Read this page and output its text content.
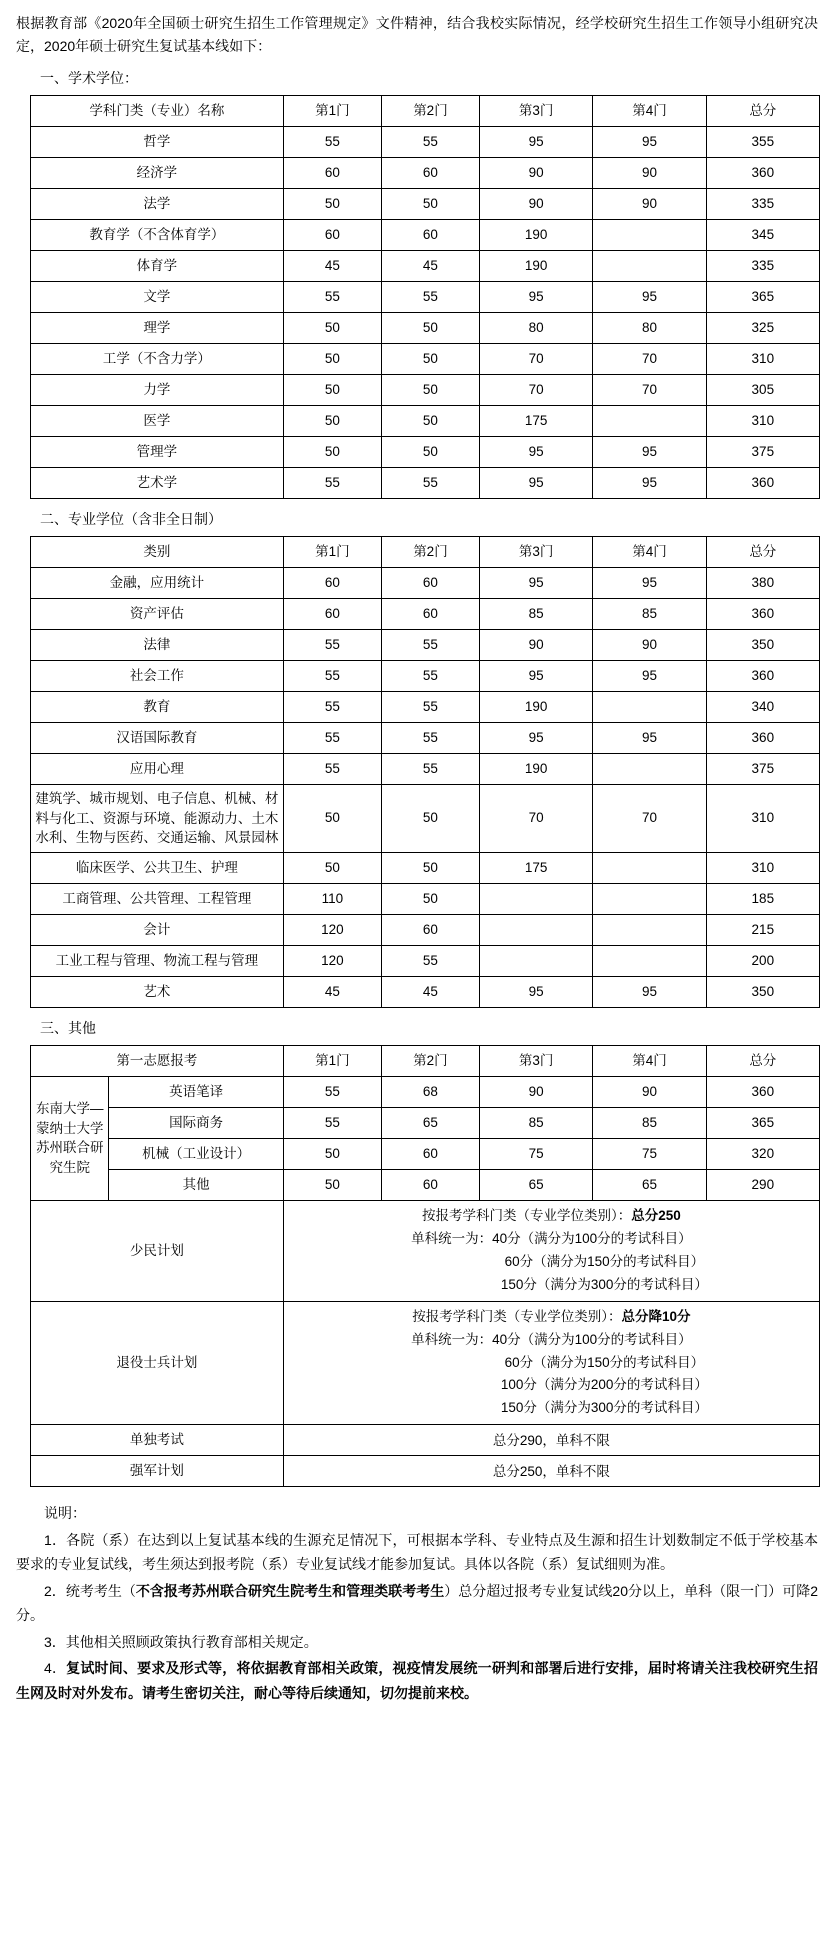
根据教育部《2020年全国硕士研究生招生工作管理规定》文件精神，结合我校实际情况，经学校研究生招生工作领导小组研究决定，2020年硕士研究生复试基本线如下：
一、学术学位：
学科门类（专业）名称	第1门	第2门	第3门	第4门	总分
哲学	55	55	95	95	355
经济学	60	60	90	90	360
法学	50	50	90	90	335
教育学（不含体育学）	60	60	190		345
体育学	45	45	190		335
文学	55	55	95	95	365
理学	50	50	80	80	325
工学（不含力学）	50	50	70	70	310
力学	50	50	70	70	305
医学	50	50	175		310
管理学	50	50	95	95	375
艺术学	55	55	95	95	360
二、专业学位（含非全日制）
类别	第1门	第2门	第3门	第4门	总分
金融，应用统计	60	60	95	95	380
资产评估	60	60	85	85	360
法律	55	55	90	90	350
社会工作	55	55	95	95	360
教育	55	55	190		340
汉语国际教育	55	55	95	95	360
应用心理	55	55	190		375
建筑学、城市规划、电子信息、机械、材料与化工、资源与环境、能源动力、土木水利、生物与医药、交通运输、风景园林	50	50	70	70	310
临床医学、公共卫生、护理	50	50	175		310
工商管理、公共管理、工程管理	110	50			185
会计	120	60			215
工业工程与管理、物流工程与管理	120	55			200
艺术	45	45	95	95	350
三、其他
第一志愿报考		第1门	第2门	第3门	第4门	总分
东南大学—蒙纳士大学苏州联合研究生院	英语笔译	55	68	90	90	360
	国际商务	55	65	85	85	365
	机械（工业设计）	50	60	75	75	320
	其他	50	60	65	65	290
少民计划		按报考学科门类（专业学位类别）：总分250
单科统一为：40分（满分为100分的考试科目）
60分（满分为150分的考试科目）
150分（满分为300分的考试科目）				

退役士兵计划		按报考学科门类（专业学位类别）：总分降10分
单科统一为：40分（满分为100分的考试科目）
60分（满分为150分的考试科目）
100分（满分为200分的考试科目）
150分（满分为300分的考试科目）				

单独考试		总分290，单科不限				
强军计划		总分250，单科不限				

说明：

1．各院（系）在达到以上复试基本线的生源充足情况下，可根据本学科、专业特点及生源和招生计划数制定不低于学校基本要求的专业复试线，考生须达到报考院（系）专业复试线才能参加复试。具体以各院（系）复试细则为准。

2．统考考生（不含报考苏州联合研究生院考生和管理类联考考生）总分超过报考专业复试线20分以上，单科（限一门）可降2分。

3．其他相关照顾政策执行教育部相关规定。

4．复试时间、要求及形式等，将依据教育部相关政策，视疫情发展统一研判和部署后进行安排，届时将请关注我校研究生招生网及时对外发布。请考生密切关注，耐心等待后续通知，切勿提前来校。
